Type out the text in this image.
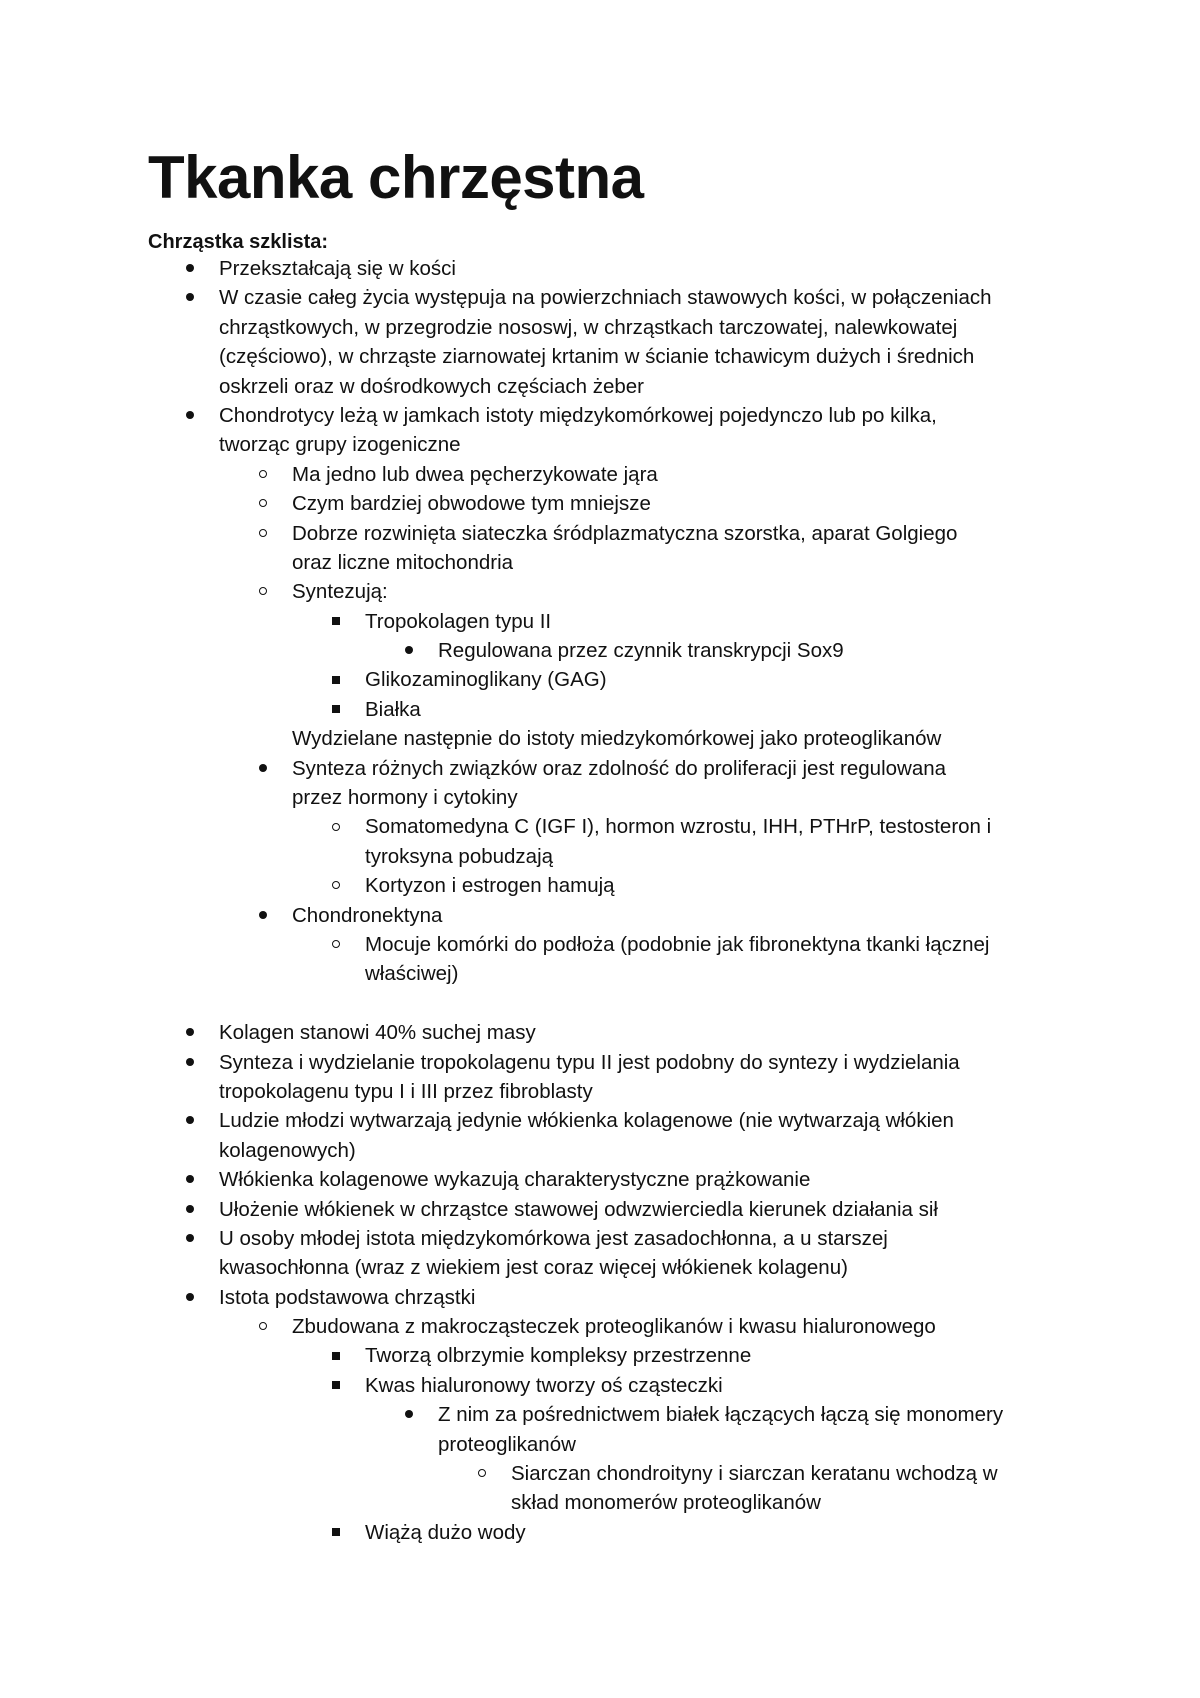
Tkanka chrzęstna
Chrząstka szklista:
Przekształcają się w kości
W czasie całeg życia występuja na powierzchniach stawowych kości, w połączeniach
chrząstkowych, w przegrodzie nososwj, w chrząstkach tarczowatej, nalewkowatej
(częściowo), w chrząste ziarnowatej krtanim w ścianie tchawicym dużych i średnich
oskrzeli oraz w dośrodkowych częściach żeber
Chondrotycy leżą w jamkach istoty międzykomórkowej pojedynczo lub po kilka,
tworząc grupy izogeniczne
Ma jedno lub dwea pęcherzykowate jąra
Czym bardziej obwodowe tym mniejsze
Dobrze rozwinięta siateczka śródplazmatyczna szorstka, aparat Golgiego
oraz liczne mitochondria
Syntezują:
Tropokolagen typu II
Regulowana przez czynnik transkrypcji Sox9
Glikozaminoglikany (GAG)
Białka
Wydzielane następnie do istoty miedzykomórkowej jako proteoglikanów
Synteza różnych związków oraz zdolność do proliferacji jest regulowana
przez hormony i cytokiny
Somatomedyna C (IGF I), hormon wzrostu, IHH, PTHrP, testosteron i
tyroksyna pobudzają
Kortyzon i estrogen hamują
Chondronektyna
Mocuje komórki do podłoża (podobnie jak fibronektyna tkanki łącznej
właściwej)
Kolagen stanowi 40% suchej masy
Synteza i wydzielanie tropokolagenu typu II jest podobny do syntezy i wydzielania
tropokolagenu typu I i III przez fibroblasty
Ludzie młodzi wytwarzają jedynie włókienka kolagenowe (nie wytwarzają włókien
kolagenowych)
Włókienka kolagenowe wykazują charakterystyczne prążkowanie
Ułożenie włókienek w chrząstce stawowej odwzwierciedla kierunek działania sił
U osoby młodej istota międzykomórkowa jest zasadochłonna, a u starszej
kwasochłonna (wraz z wiekiem jest coraz więcej włókienek kolagenu)
Istota podstawowa chrząstki
Zbudowana z makrocząsteczek proteoglikanów i kwasu hialuronowego
Tworzą olbrzymie kompleksy przestrzenne
Kwas hialuronowy tworzy oś cząsteczki
Z nim za pośrednictwem białek łączących łączą się monomery
proteoglikanów
Siarczan chondroityny i siarczan keratanu wchodzą w
skład monomerów proteoglikanów
Wiążą dużo wody
